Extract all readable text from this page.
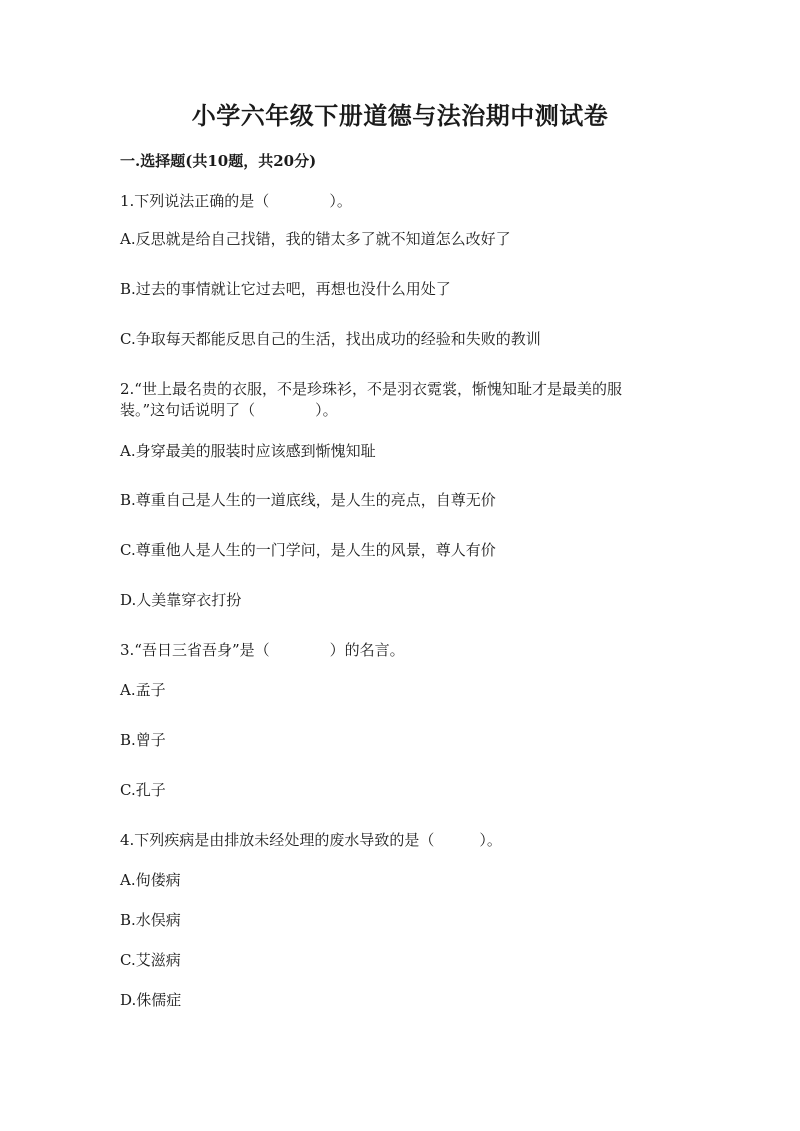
小学六年级下册道德与法治期中测试卷
一.选择题(共10题，共20分)
1.下列说法正确的是（　　　　）。
A.反思就是给自己找错，我的错太多了就不知道怎么改好了
B.过去的事情就让它过去吧，再想也没什么用处了
C.争取每天都能反思自己的生活，找出成功的经验和失败的教训
2.“世上最名贵的衣服，不是珍珠衫，不是羽衣霓裳，惭愧知耻才是最美的服
装。”这句话说明了（　　　　）。
A.身穿最美的服装时应该感到惭愧知耻
B.尊重自己是人生的一道底线，是人生的亮点，自尊无价
C.尊重他人是人生的一门学问，是人生的风景，尊人有价
D.人美靠穿衣打扮
3.“吾日三省吾身”是（　　　　）的名言。
A.孟子
B.曾子
C.孔子
4.下列疾病是由排放未经处理的废水导致的是（　　　）。
A.佝偻病
B.水俣病
C.艾滋病
D.侏儒症
